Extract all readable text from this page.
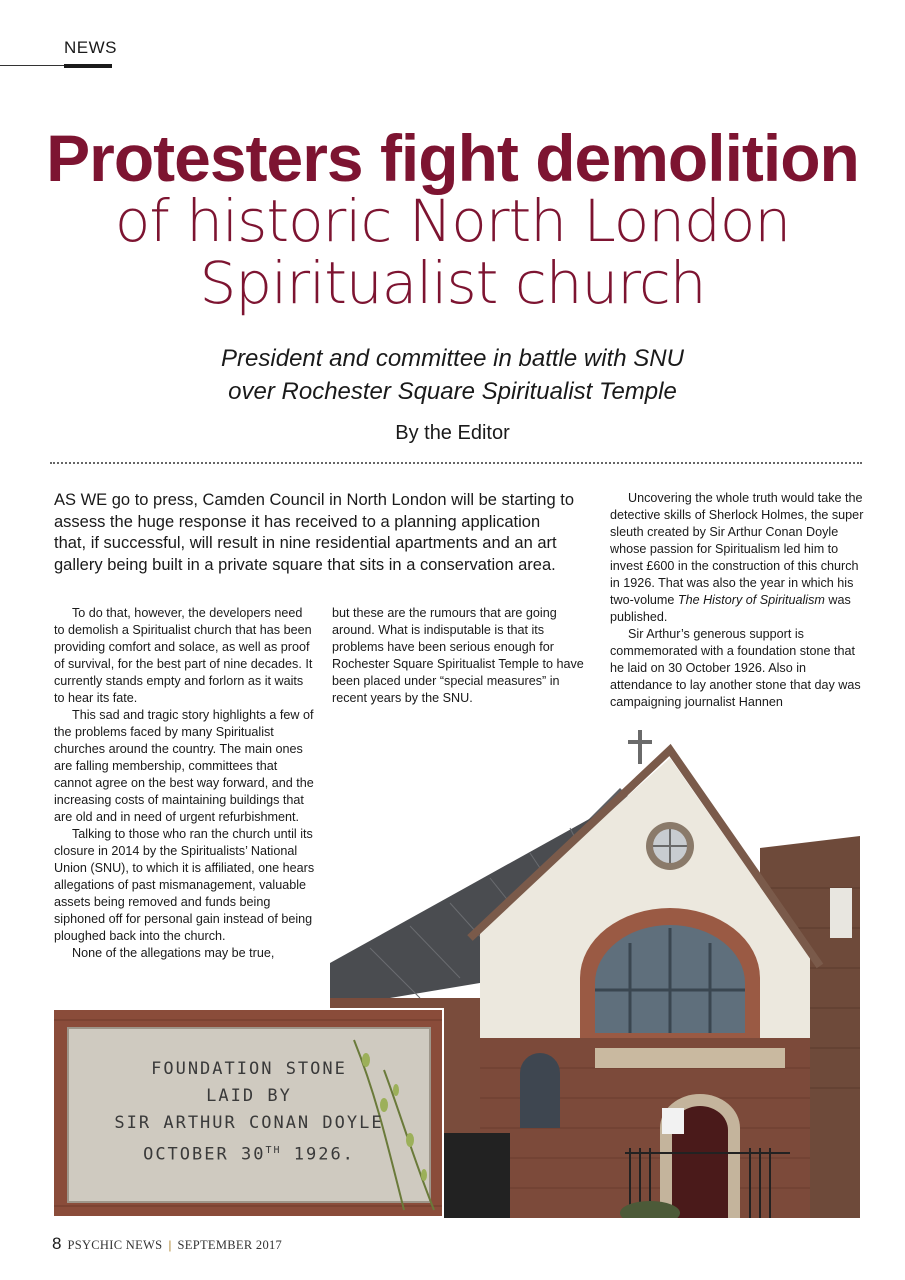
NEWS
Protesters fight demolition
of historic North London
Spiritualist church
President and committee in battle with SNU
over Rochester Square Spiritualist Temple
By the Editor

AS WE go to press, Camden Council in North London will be starting to assess the huge response it has received to a planning application that, if successful, will result in nine residential apartments and an art gallery being built in a private square that sits in a conservation area.

To do that, however, the developers need to demolish a Spiritualist church that has been providing comfort and solace, as well as proof of survival, for the best part of nine decades. It currently stands empty and forlorn as it waits to hear its fate.

This sad and tragic story highlights a few of the problems faced by many Spiritualist churches around the country. The main ones are falling membership, committees that cannot agree on the best way forward, and the increasing costs of maintaining buildings that are old and in need of urgent refurbishment.

Talking to those who ran the church until its closure in 2014 by the Spiritualists’ National Union (SNU), to which it is affiliated, one hears allegations of past mismanagement, valuable assets being removed and funds being siphoned off for personal gain instead of being ploughed back into the church.

None of the allegations may be true,

but these are the rumours that are going around. What is indisputable is that its problems have been serious enough for Rochester Square Spiritualist Temple to have been placed under “special measures” in recent years by the SNU.

Uncovering the whole truth would take the detective skills of Sherlock Holmes, the super sleuth created by Sir Arthur Conan Doyle whose passion for Spiritualism led him to invest £600 in the construction of this church in 1926. That was also the year in which his two-volume The History of Spiritualism was published.

Sir Arthur’s generous support is commemorated with a foundation stone that he laid on 30 October 1926. Also in attendance to lay another stone that day was campaigning journalist Hannen

FOUNDATION STONE
LAID BY
SIR ARTHUR CONAN DOYLE
OCTOBER 30TH 1926.
8 PSYCHIC NEWS | SEPTEMBER 2017
